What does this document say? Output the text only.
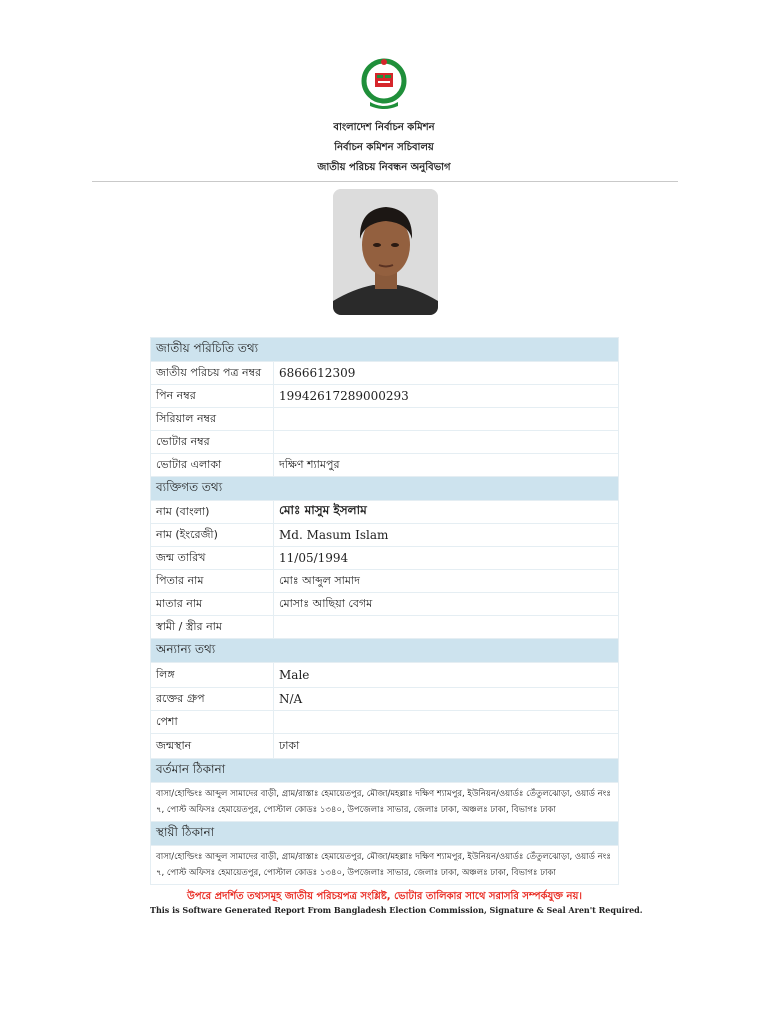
বাংলাদেশ নির্বাচন কমিশন
নির্বাচন কমিশন সচিবালয়
জাতীয় পরিচয় নিবন্ধন অনুবিভাগ
জাতীয় পরিচিতি তথ্য	
জাতীয় পরিচয় পত্র নম্বর	6866612309
পিন নম্বর	19942617289000293
সিরিয়াল নম্বর	
ভোটার নম্বর	
ভোটার এলাকা	দক্ষিণ শ্যামপুর
ব্যক্তিগত তথ্য	
নাম (বাংলা)	মোঃ মাসুম ইসলাম
নাম (ইংরেজী)	Md. Masum Islam
জন্ম তারিখ	11/05/1994
পিতার নাম	মোঃ আব্দুল সামাদ
মাতার নাম	মোসাঃ আছিয়া বেগম
স্বামী / স্ত্রীর নাম	
অন্যান্য তথ্য	
লিঙ্গ	Male
রক্তের গ্রুপ	N/A
পেশা	
জন্মস্থান	ঢাকা
বর্তমান ঠিকানা	
বাসা/হোল্ডিংঃ আব্দুল সামাদের বাড়ী, গ্রাম/রাস্তাঃ হেমায়েতপুর, মৌজা/মহল্লাঃ দক্ষিণ শ্যামপুর, ইউনিয়ন/ওয়ার্ডঃ তেঁতুলঝোড়া, ওয়ার্ড নংঃ ৭, পোস্ট অফিসঃ হেমায়েতপুর, পোস্টাল কোডঃ ১৩৪০, উপজেলাঃ সাভার, জেলাঃ ঢাকা, অঞ্চলঃ ঢাকা, বিভাগঃ ঢাকা	
স্থায়ী ঠিকানা	
বাসা/হোল্ডিংঃ আব্দুল সামাদের বাড়ী, গ্রাম/রাস্তাঃ হেমায়েতপুর, মৌজা/মহল্লাঃ দক্ষিণ শ্যামপুর, ইউনিয়ন/ওয়ার্ডঃ তেঁতুলঝোড়া, ওয়ার্ড নংঃ ৭, পোস্ট অফিসঃ হেমায়েতপুর, পোস্টাল কোডঃ ১৩৪০, উপজেলাঃ সাভার, জেলাঃ ঢাকা, অঞ্চলঃ ঢাকা, বিভাগঃ ঢাকা	
উপরে প্রদর্শিত তথ্যসমূহ জাতীয় পরিচয়পত্র সংশ্লিষ্ট, ভোটার তালিকার সাথে সরাসরি সম্পর্কযুক্ত নয়।
This is Software Generated Report From Bangladesh Election Commission, Signature & Seal Aren't Required.
